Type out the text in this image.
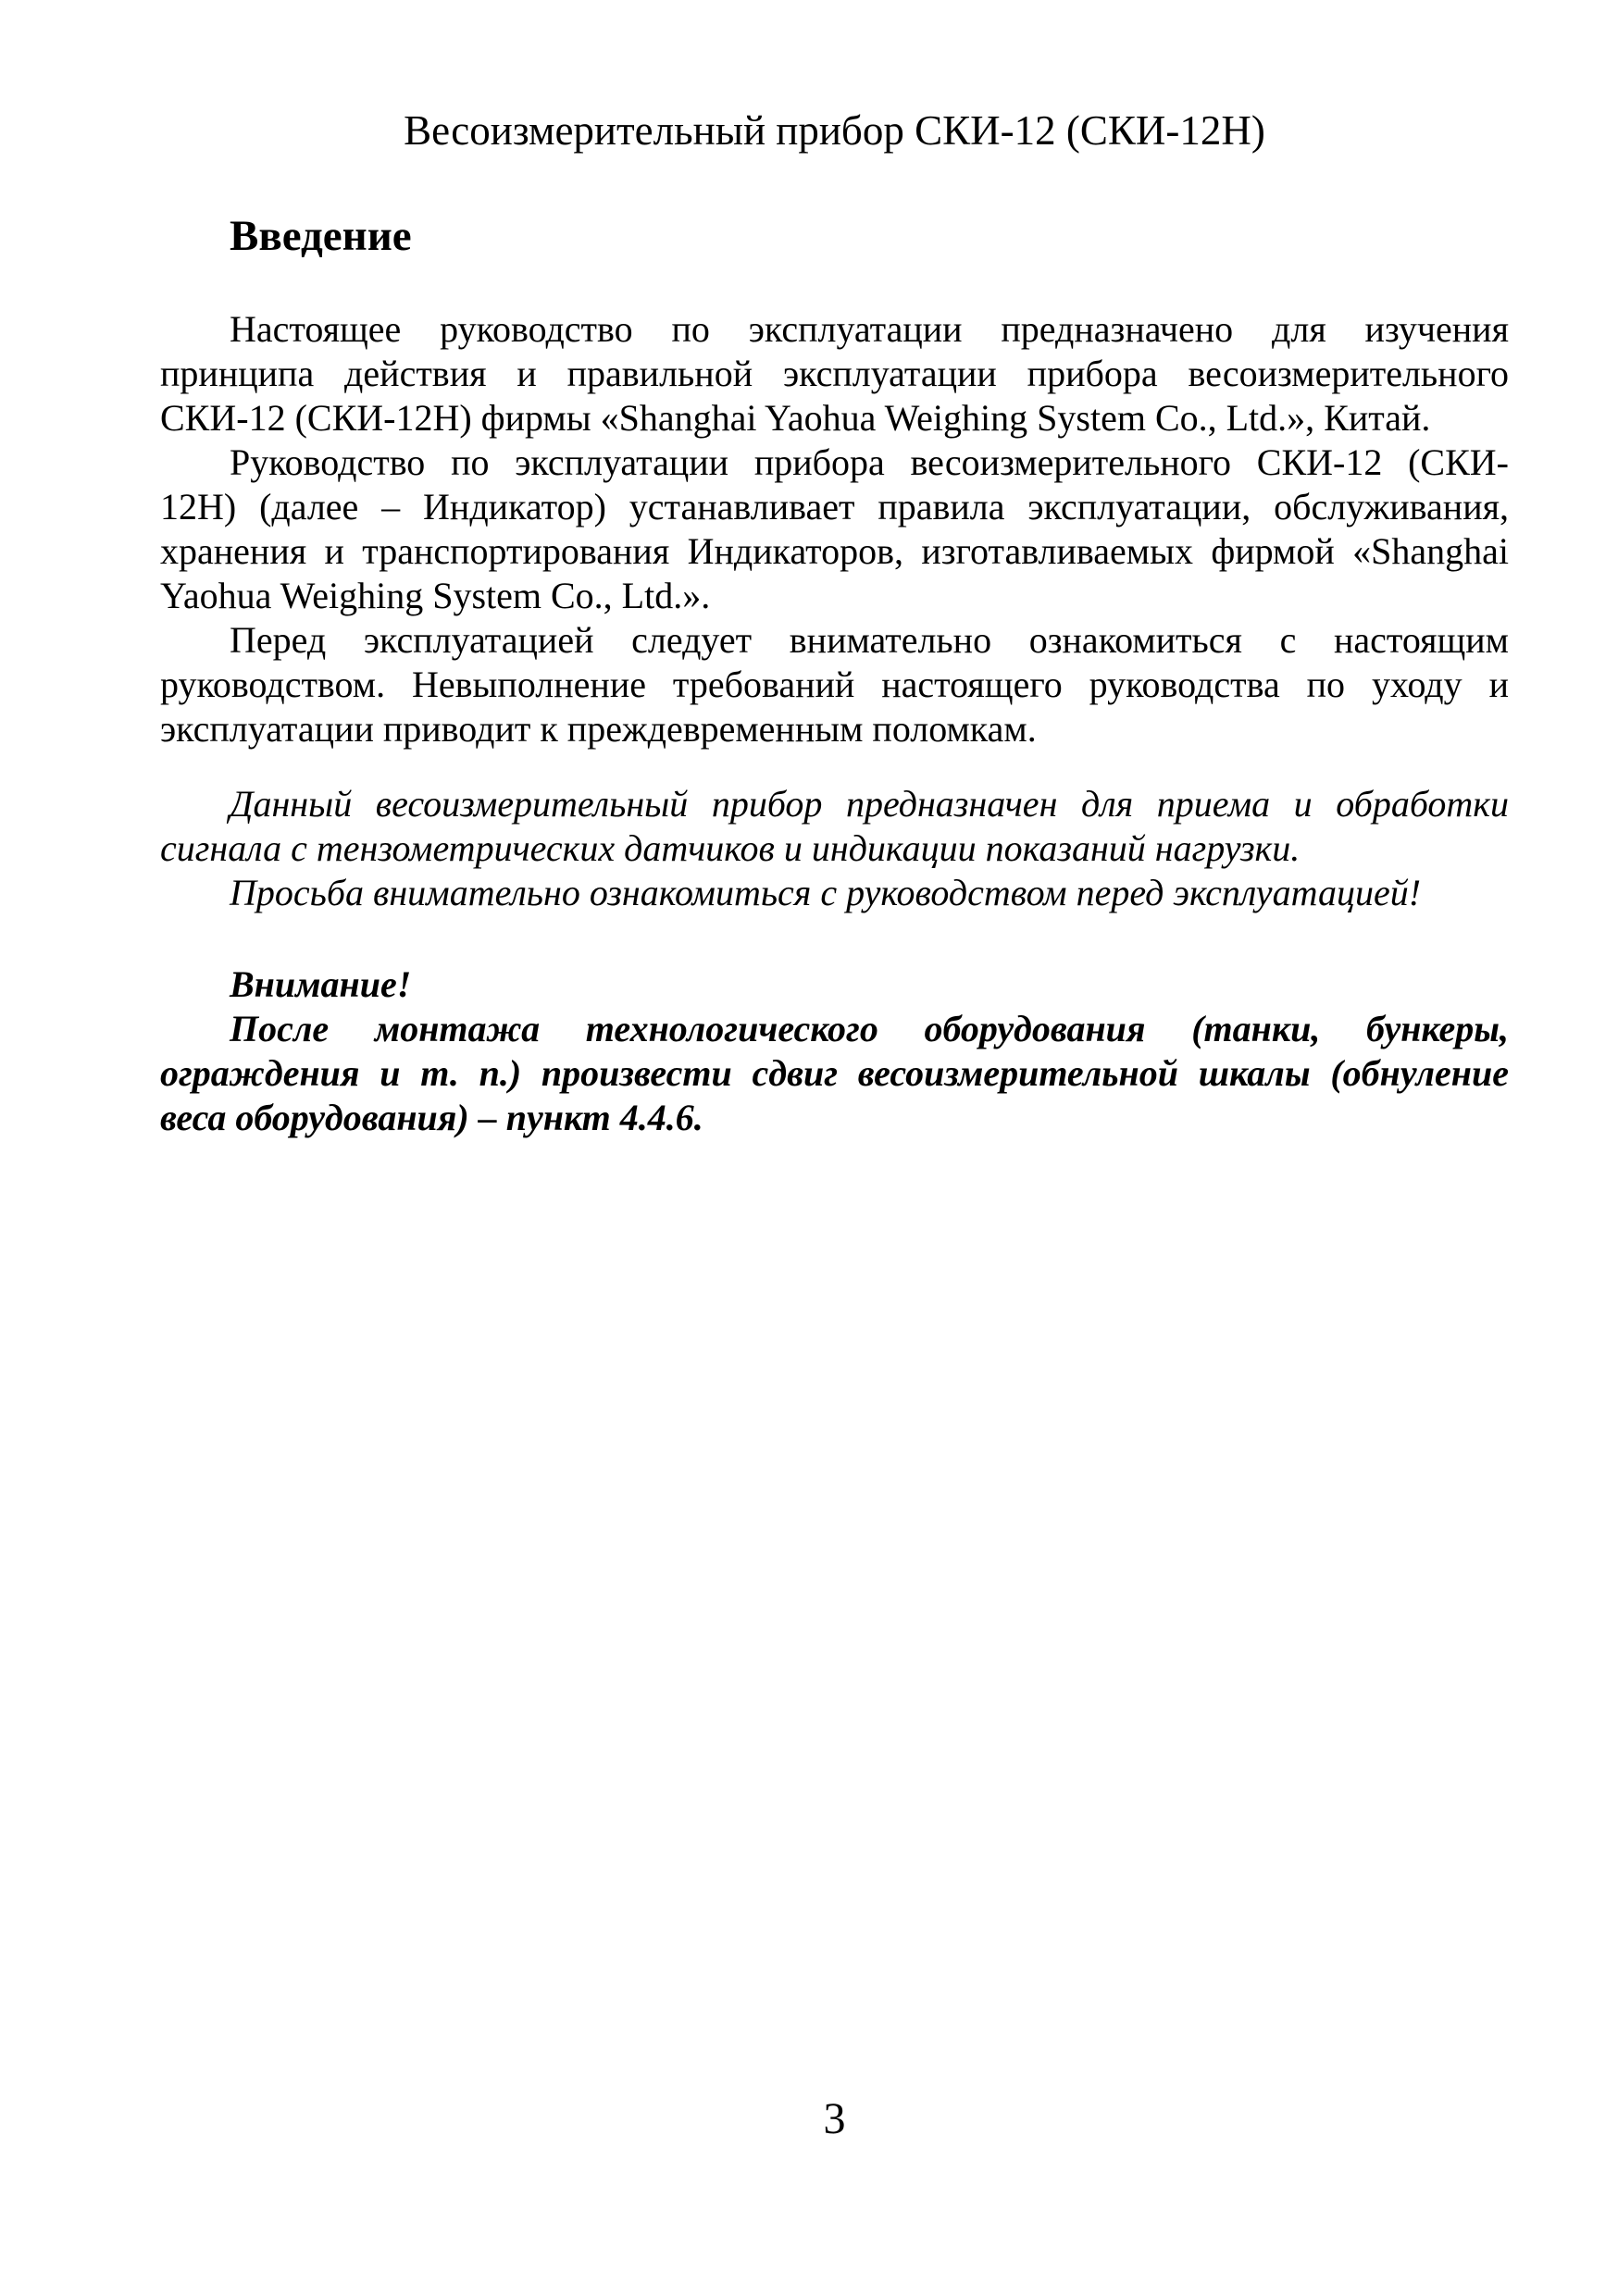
Весоизмерительный прибор СКИ-12 (СКИ-12Н)
Введение
Настоящее руководство по эксплуатации предназначено для изучения
принципа действия и правильной эксплуатации прибора весоизмерительного
СКИ-12 (СКИ-12Н) фирмы «Shanghai Yaohua Weighing System Co., Ltd.», Китай.
Руководство по эксплуатации прибора весоизмерительного СКИ-12 (СКИ-
12Н) (далее – Индикатор) устанавливает правила эксплуатации, обслуживания,
хранения и транспортирования Индикаторов, изготавливаемых фирмой «Shanghai
Yaohua Weighing System Co., Ltd.».
Перед эксплуатацией следует внимательно ознакомиться с настоящим
руководством. Невыполнение требований настоящего руководства по уходу и
эксплуатации приводит к преждевременным поломкам.
Данный весоизмерительный прибор предназначен для приема и обработки
сигнала с тензометрических датчиков и индикации показаний нагрузки.
Просьба внимательно ознакомиться с руководством перед эксплуатацией!
Внимание!
После монтажа технологического оборудования (танки, бункеры,
ограждения и т. п.) произвести сдвиг весоизмерительной шкалы (обнуление
веса оборудования) – пункт 4.4.6.
3
